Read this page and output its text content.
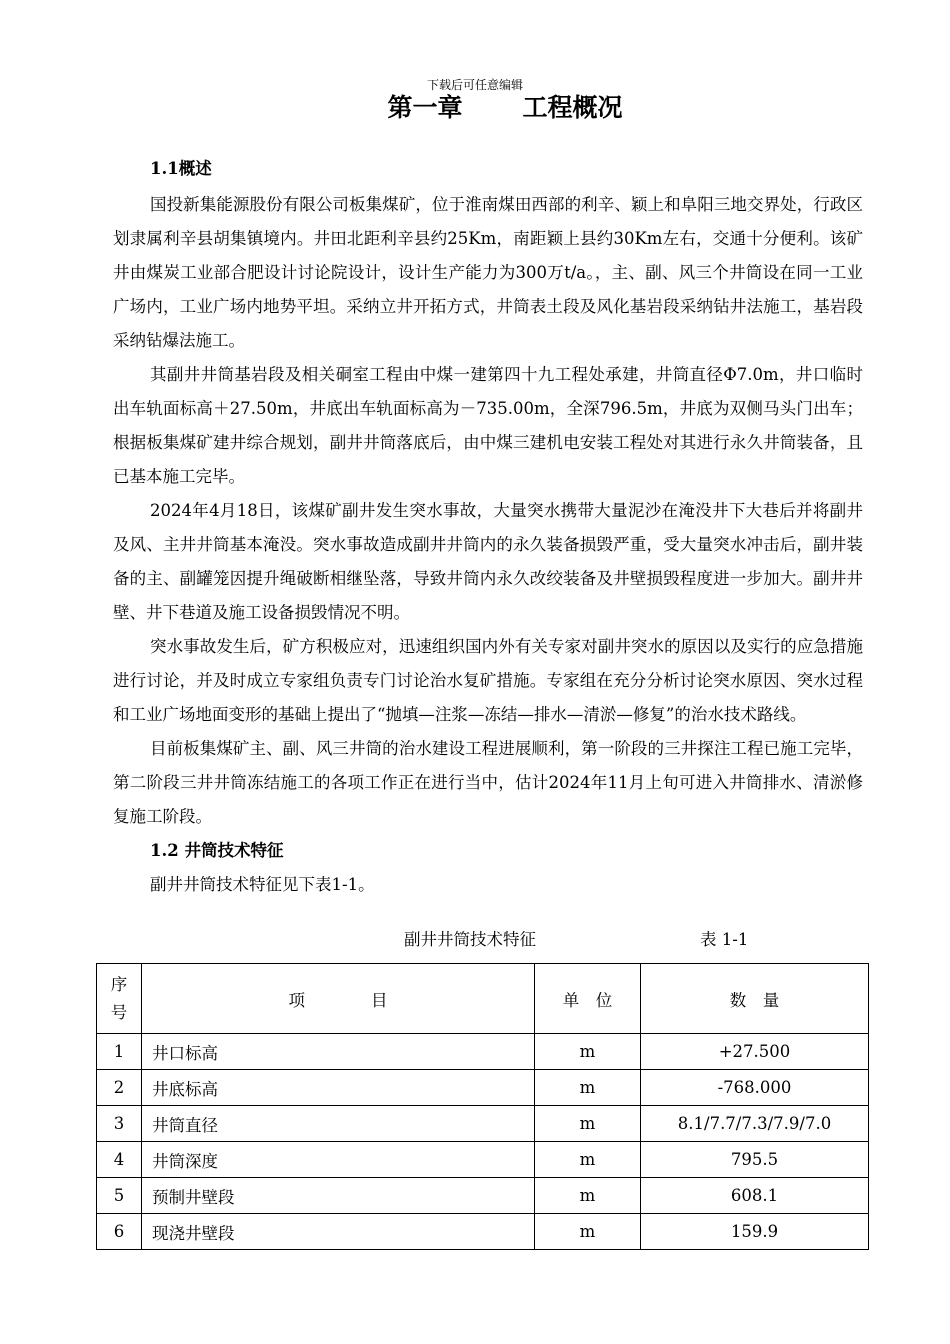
下载后可任意编辑
第一章 工程概况
1.1概述

国投新集能源股份有限公司板集煤矿，位于淮南煤田西部的利辛、颖上和阜阳三地交界处，行政区划隶属利辛县胡集镇境内。井田北距利辛县约25Km，南距颖上县约30Km左右，交通十分便利。该矿井由煤炭工业部合肥设计讨论院设计，设计生产能力为300万t/a。，主、副、风三个井筒设在同一工业广场内，工业广场内地势平坦。采纳立井开拓方式，井筒表土段及风化基岩段采纳钻井法施工，基岩段采纳钻爆法施工。

其副井井筒基岩段及相关硐室工程由中煤一建第四十九工程处承建，井筒直径Φ7.0m，井口临时出车轨面标高＋27.50m，井底出车轨面标高为－735.00m，全深796.5m，井底为双侧马头门出车；根据板集煤矿建井综合规划，副井井筒落底后，由中煤三建机电安装工程处对其进行永久井筒装备，且已基本施工完毕。

2024年4月18日，该煤矿副井发生突水事故，大量突水携带大量泥沙在淹没井下大巷后并将副井及风、主井井筒基本淹没。突水事故造成副井井筒内的永久装备损毁严重，受大量突水冲击后，副井装备的主、副罐笼因提升绳破断相继坠落，导致井筒内永久改绞装备及井壁损毁程度进一步加大。副井井壁、井下巷道及施工设备损毁情况不明。

突水事故发生后，矿方积极应对，迅速组织国内外有关专家对副井突水的原因以及实行的应急措施进行讨论，并及时成立专家组负责专门讨论治水复矿措施。专家组在充分分析讨论突水原因、突水过程和工业广场地面变形的基础上提出了“抛填—注浆—冻结—排水—清淤—修复”的治水技术路线。

目前板集煤矿主、副、风三井筒的治水建设工程进展顺利，第一阶段的三井探注工程已施工完毕，第二阶段三井井筒冻结施工的各项工作正在进行当中，估计2024年11月上旬可进入井筒排水、清淤修复施工阶段。

1.2 井筒技术特征

副井井筒技术特征见下表1-1。

副井井筒技术特征	表 1-1
序
号	项　　　　目	单　位	数　量
1	井口标高	m	+27.500
2	井底标高	m	-768.000
3	井筒直径	m	8.1/7.7/7.3/7.9/7.0
4	井筒深度	m	795.5
5	预制井壁段	m	608.1
6	现浇井壁段	m	159.9
